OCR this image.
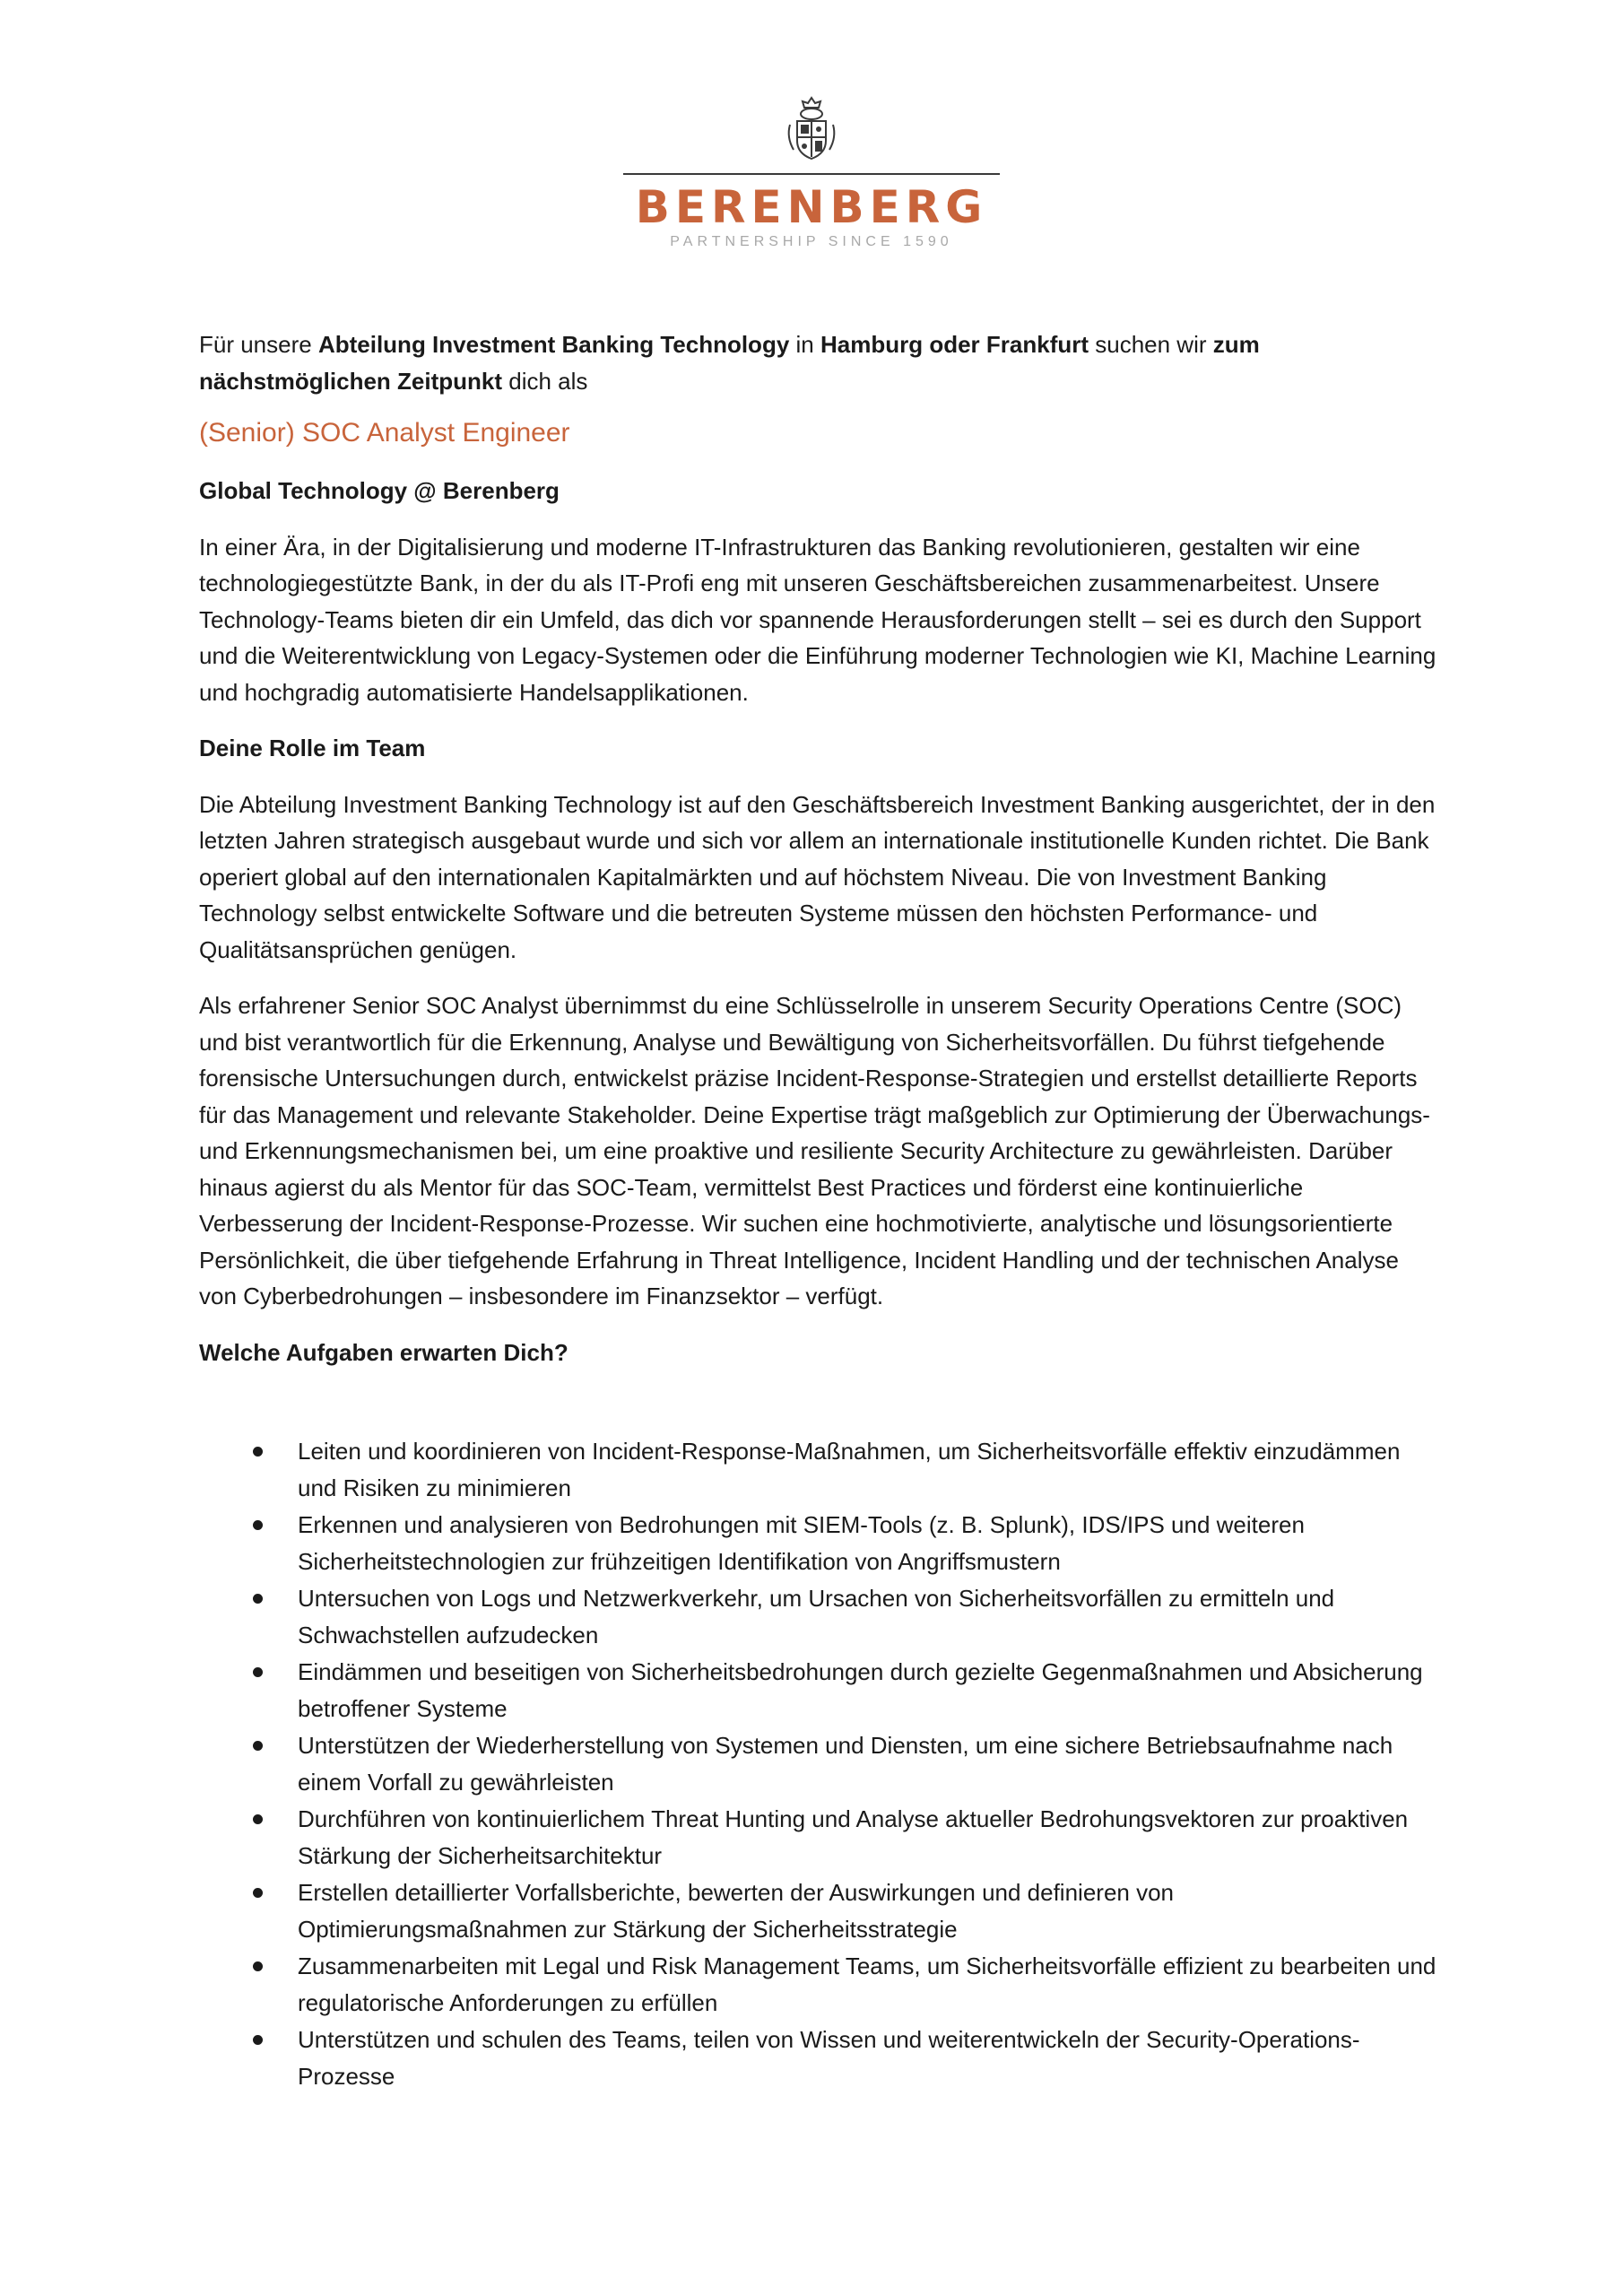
BERENBERG
PARTNERSHIP SINCE 1590

Für unsere Abteilung Investment Banking Technology in Hamburg oder Frankfurt suchen wir zum nächstmöglichen Zeitpunkt dich als

(Senior) SOC Analyst Engineer

Global Technology @ Berenberg

In einer Ära, in der Digitalisierung und moderne IT-Infrastrukturen das Banking revolutionieren, gestalten wir eine technologiegestützte Bank, in der du als IT-Profi eng mit unseren Geschäftsbereichen zusammenarbeitest. Unsere Technology-Teams bieten dir ein Umfeld, das dich vor spannende Herausforderungen stellt – sei es durch den Support und die Weiterentwicklung von Legacy-Systemen oder die Einführung moderner Technologien wie KI, Machine Learning und hochgradig automatisierte Handelsapplikationen.

Deine Rolle im Team

Die Abteilung Investment Banking Technology ist auf den Geschäftsbereich Investment Banking ausgerichtet, der in den letzten Jahren strategisch ausgebaut wurde und sich vor allem an internationale institutionelle Kunden richtet. Die Bank operiert global auf den internationalen Kapitalmärkten und auf höchstem Niveau. Die von Investment Banking Technology selbst entwickelte Software und die betreuten Systeme müssen den höchsten Performance- und Qualitätsansprüchen genügen.

Als erfahrener Senior SOC Analyst übernimmst du eine Schlüsselrolle in unserem Security Operations Centre (SOC) und bist verantwortlich für die Erkennung, Analyse und Bewältigung von Sicherheitsvorfällen. Du führst tiefgehende forensische Untersuchungen durch, entwickelst präzise Incident-Response-Strategien und erstellst detaillierte Reports für das Management und relevante Stakeholder. Deine Expertise trägt maßgeblich zur Optimierung der Überwachungs- und Erkennungsmechanismen bei, um eine proaktive und resiliente Security Architecture zu gewährleisten. Darüber hinaus agierst du als Mentor für das SOC-Team, vermittelst Best Practices und förderst eine kontinuierliche Verbesserung der Incident-Response-Prozesse. Wir suchen eine hochmotivierte, analytische und lösungsorientierte Persönlichkeit, die über tiefgehende Erfahrung in Threat Intelligence, Incident Handling und der technischen Analyse von Cyberbedrohungen – insbesondere im Finanzsektor – verfügt.

Welche Aufgaben erwarten Dich?

Leiten und koordinieren von Incident-Response-Maßnahmen, um Sicherheitsvorfälle effektiv einzudämmen und Risiken zu minimieren
Erkennen und analysieren von Bedrohungen mit SIEM-Tools (z. B. Splunk), IDS/IPS und weiteren Sicherheitstechnologien zur frühzeitigen Identifikation von Angriffsmustern
Untersuchen von Logs und Netzwerkverkehr, um Ursachen von Sicherheitsvorfällen zu ermitteln und Schwachstellen aufzudecken
Eindämmen und beseitigen von Sicherheitsbedrohungen durch gezielte Gegenmaßnahmen und Absicherung betroffener Systeme
Unterstützen der Wiederherstellung von Systemen und Diensten, um eine sichere Betriebsaufnahme nach einem Vorfall zu gewährleisten
Durchführen von kontinuierlichem Threat Hunting und Analyse aktueller Bedrohungsvektoren zur proaktiven Stärkung der Sicherheitsarchitektur
Erstellen detaillierter Vorfallsberichte, bewerten der Auswirkungen und definieren von Optimierungsmaßnahmen zur Stärkung der Sicherheitsstrategie
Zusammenarbeiten mit Legal und Risk Management Teams, um Sicherheitsvorfälle effizient zu bearbeiten und regulatorische Anforderungen zu erfüllen
Unterstützen und schulen des Teams, teilen von Wissen und weiterentwickeln der Security-Operations-Prozesse
